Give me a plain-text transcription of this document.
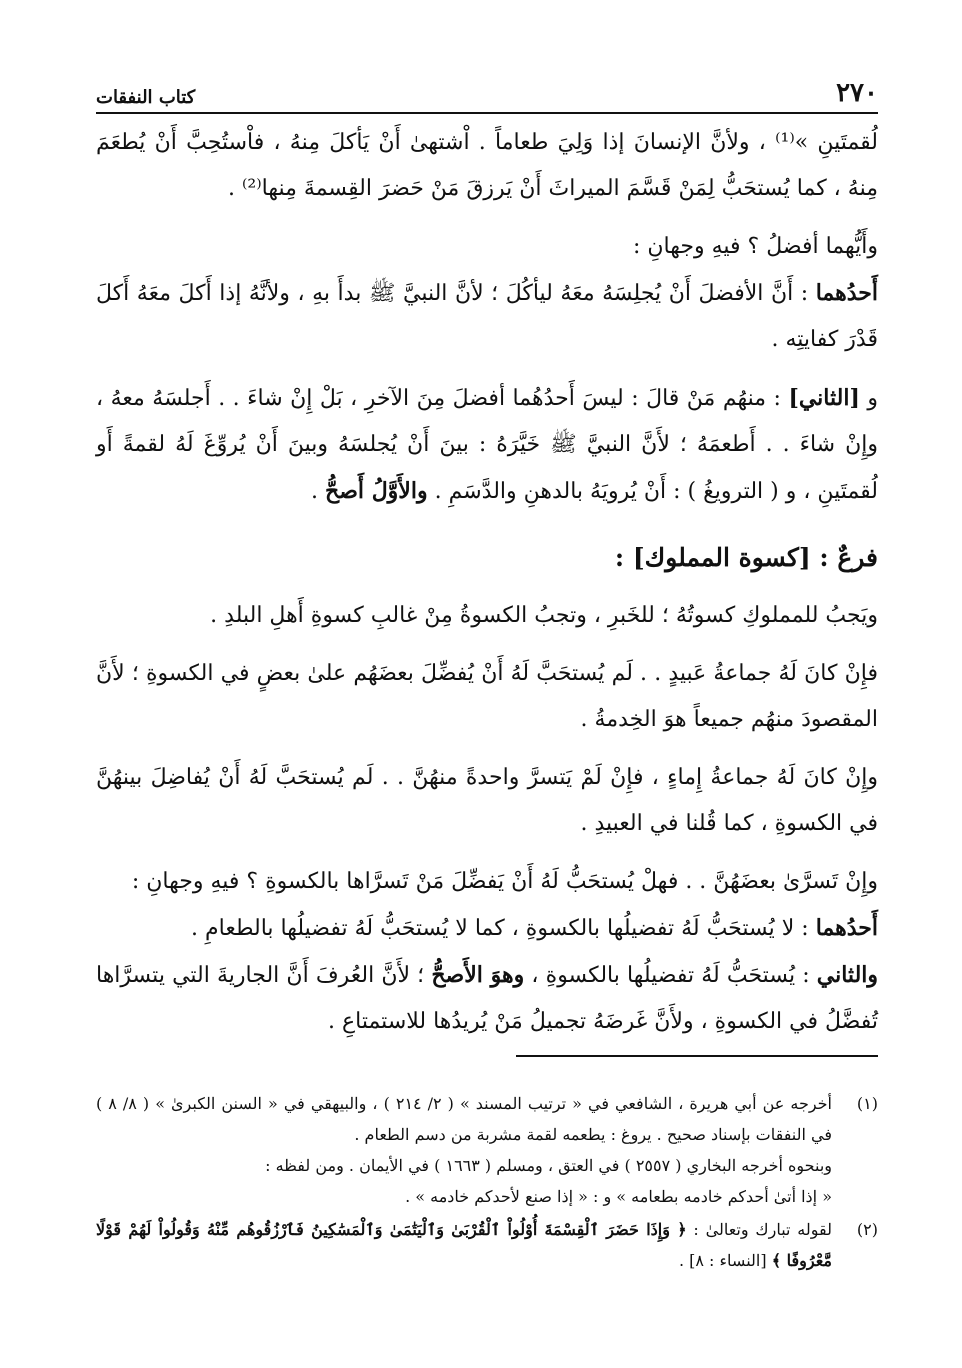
٢٧٠
كتاب النفقات

لُقمتَينِ »⁽¹⁾ ، ولأنَّ الإنسانَ إذا وَلِيَ طعاماً . اْشتهىٰ أَنْ يَأكلَ مِنهُ ، فاْستُحِبَّ أَنْ يُطعَمَ مِنهُ ، كما يُستحَبُّ لِمَنْ قَسَّمَ الميراثَ أَنْ يَرزقَ مَنْ حَضرَ القِسمةَ مِنها⁽²⁾ .

وأَيُّهما أفضلُ ؟ فيهِ وجهانِ :

أَحدُهما : أَنَّ الأفضلَ أَنْ يُجلِسَهُ معَهُ ليأكُلَ ؛ لأنَّ النبيَّ ﷺ بدأَ بهِ ، ولأنَّهُ إذا أَكلَ معَهُ أَكلَ قَدْرَ كفايتِه .

و [الثاني] : منهُم مَنْ قالَ : ليسَ أَحدُهُما أفضلَ مِنَ الآخرِ ، بَلْ إِنْ شاءَ . . أَجلسَهُ معهُ ، وإِنْ شاءَ . . أَطعمَهُ ؛ لأَنَّ النبيَّ ﷺ خَيَّرَهُ : بينَ أَنْ يُجلسَهُ وبينَ أَنْ يُروِّغَ لَهُ لقمةً أَو لُقمتَينِ ، و ( الترويغُ ) : أَنْ يُرويَهُ بالدهنِ والدَّسَمِ . والأَوَّلُ أَصحُّ .

فرعٌ : [كسوة المملوك] :

ويَجبُ للمملوكِ كسوتُهُ ؛ للخَبرِ ، وتجبُ الكسوةُ مِنْ غالبِ كسوةِ أَهلِ البلدِ .

فإِنْ كانَ لَهُ جماعةُ عَبيدٍ . . لَم يُستحَبَّ لَهُ أَنْ يُفضِّلَ بعضَهُم علىٰ بعضٍ في الكسوةِ ؛ لأَنَّ المقصودَ منهُم جميعاً هوَ الخِدمةُ .

وإِنْ كانَ لَهُ جماعةُ إِماءٍ ، فإِنْ لَمْ يَتسرَّ واحدةً منهُنَّ . . لَم يُستحَبَّ لَهُ أَنْ يُفاضِلَ بينهُنَّ في الكسوةِ ، كما قُلنا في العبيدِ .

وإِنْ تَسرَّىٰ بعضَهُنَّ . . فهلْ يُستحَبُّ لَهُ أَنْ يَفضِّلَ مَنْ تَسرَّاها بالكسوةِ ؟ فيهِ وجهانِ :

أَحدُهما : لا يُستحَبُّ لَهُ تفضيلُها بالكسوةِ ، كما لا يُستحَبُّ لَهُ تفضيلُها بالطعامِ .

والثاني : يُستحَبُّ لَهُ تفضيلُها بالكسوةِ ، وهوَ الأَصحُّ ؛ لأَنَّ العُرفَ أَنَّ الجاريةَ التي يتسرَّاها تُفضَّلُ في الكسوةِ ، ولأَنَّ غَرضَهُ تجميلُ مَنْ يُريدُها للاستمتاعِ .

(١)
أخرجه عن أبي هريرة ، الشافعي في « ترتيب المسند » ( ٢/ ٢١٤ ) ، والبيهقي في « السنن الكبرىٰ » ( ٨/ ٨ ) في النفقات بإسناد صحيح . يروغ : يطعمه لقمة مشربة من دسم الطعام .
وبنحوه أخرجه البخاري ( ٢٥٥٧ ) في العتق ، ومسلم ( ١٦٦٣ ) في الأيمان . ومن لفظه :
« إذا أتىٰ أحدكم خادمه بطعامه » و : « إذا صنع لأحدكم خادمه » .
(٢)
لقوله تبارك وتعالىٰ : ﴿ وَإِذَا حَضَرَ ٱلْقِسْمَةَ أُوْلُواْ ٱلْقُرْبَىٰ وَٱلْيَتَٰمَىٰ وَٱلْمَسَٰكِينُ فَٱرْزُقُوهُم مِّنْهُ وَقُولُواْ لَهُمْ قَوْلًا مَّعْرُوفًا ﴾ [النساء : ٨] .
